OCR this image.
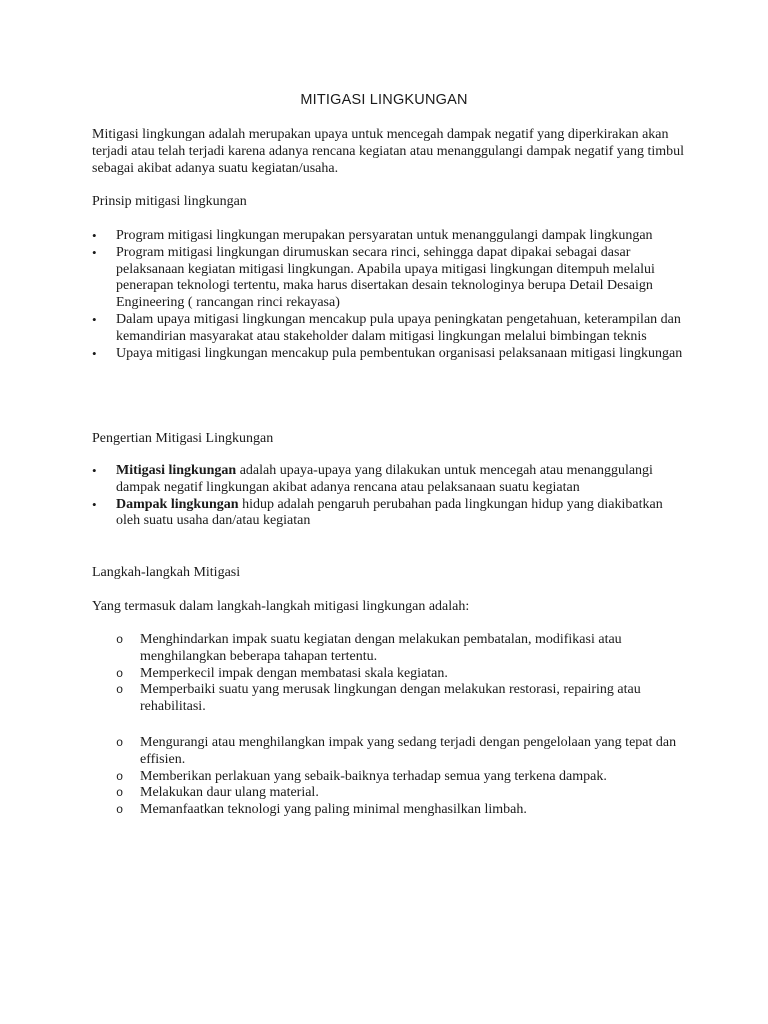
MITIGASI LINGKUNGAN

Mitigasi lingkungan adalah merupakan upaya untuk mencegah dampak negatif yang diperkirakan akan terjadi atau telah terjadi karena adanya rencana kegiatan atau menanggulangi dampak negatif yang timbul sebagai akibat adanya suatu kegiatan/usaha.

Prinsip mitigasi lingkungan

• Program mitigasi lingkungan merupakan persyaratan untuk menanggulangi dampak lingkungan
• Program mitigasi lingkungan dirumuskan secara rinci, sehingga dapat dipakai sebagai dasar pelaksanaan kegiatan mitigasi lingkungan. Apabila upaya mitigasi lingkungan ditempuh melalui penerapan teknologi tertentu, maka harus disertakan desain teknologinya berupa Detail Desaign Engineering ( rancangan rinci rekayasa)
• Dalam upaya mitigasi lingkungan mencakup pula upaya peningkatan pengetahuan, keterampilan dan kemandirian masyarakat atau stakeholder dalam mitigasi lingkungan melalui bimbingan teknis
• Upaya mitigasi lingkungan mencakup pula pembentukan organisasi pelaksanaan mitigasi lingkungan

Pengertian Mitigasi Lingkungan

• Mitigasi lingkungan adalah upaya-upaya yang dilakukan untuk mencegah atau menanggulangi dampak negatif lingkungan akibat adanya rencana atau pelaksanaan suatu kegiatan
• Dampak lingkungan hidup adalah pengaruh perubahan pada lingkungan hidup yang diakibatkan oleh suatu usaha dan/atau kegiatan

Langkah-langkah Mitigasi

Yang termasuk dalam langkah-langkah mitigasi lingkungan adalah:

o Menghindarkan impak suatu kegiatan dengan melakukan pembatalan, modifikasi atau menghilangkan beberapa tahapan tertentu.
o Memperkecil impak dengan membatasi skala kegiatan.
o Memperbaiki suatu yang merusak lingkungan dengan melakukan restorasi, repairing atau rehabilitasi.
o Mengurangi atau menghilangkan impak yang sedang terjadi dengan pengelolaan yang tepat dan effisien.
o Memberikan perlakuan yang sebaik-baiknya terhadap semua yang terkena dampak.
o Melakukan daur ulang material.
o Memanfaatkan teknologi yang paling minimal menghasilkan limbah.
